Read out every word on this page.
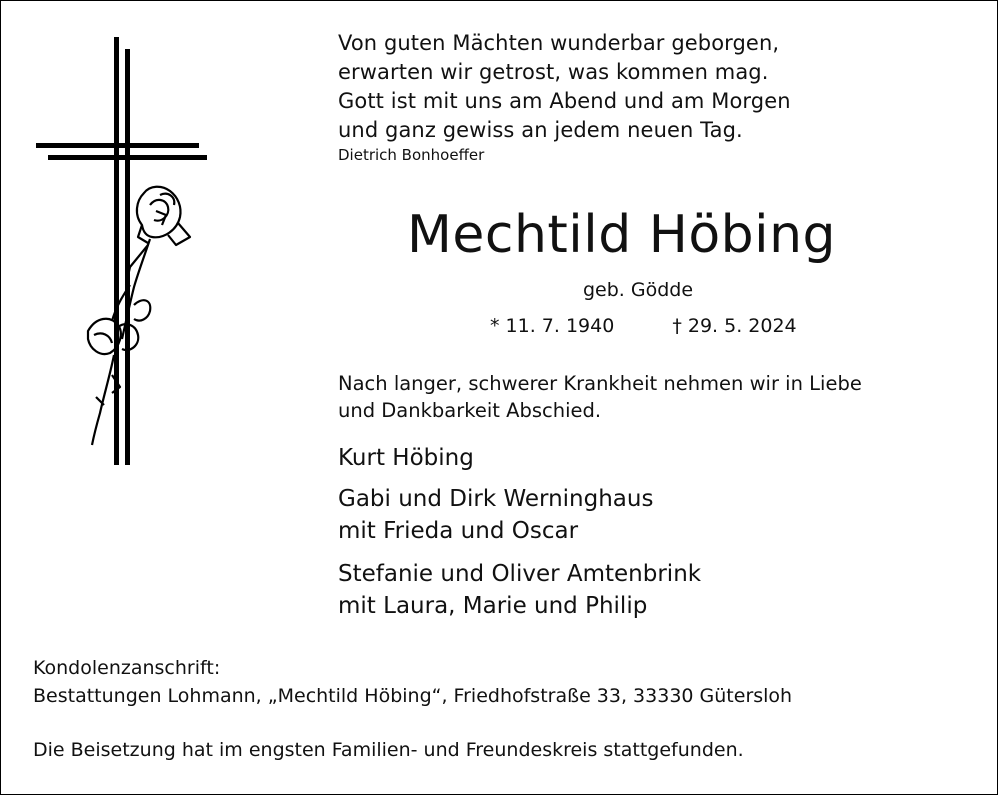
Von guten Mächten wunderbar geborgen,
erwarten wir getrost, was kommen mag.
Gott ist mit uns am Abend und am Morgen
und ganz gewiss an jedem neuen Tag.
Dietrich Bonhoeffer
Mechtild Höbing
geb. Gödde
* 11. 7. 1940	† 29. 5. 2024
Nach langer, schwerer Krankheit nehmen wir in Liebe
und Dankbarkeit Abschied.
Kurt Höbing
Gabi und Dirk Werninghaus
mit Frieda und Oscar
Stefanie und Oliver Amtenbrink
mit Laura, Marie und Philip
Kondolenzanschrift:
Bestattungen Lohmann, „Mechtild Höbing“, Friedhofstraße 33, 33330 Gütersloh
Die Beisetzung hat im engsten Familien- und Freundeskreis stattgefunden.
